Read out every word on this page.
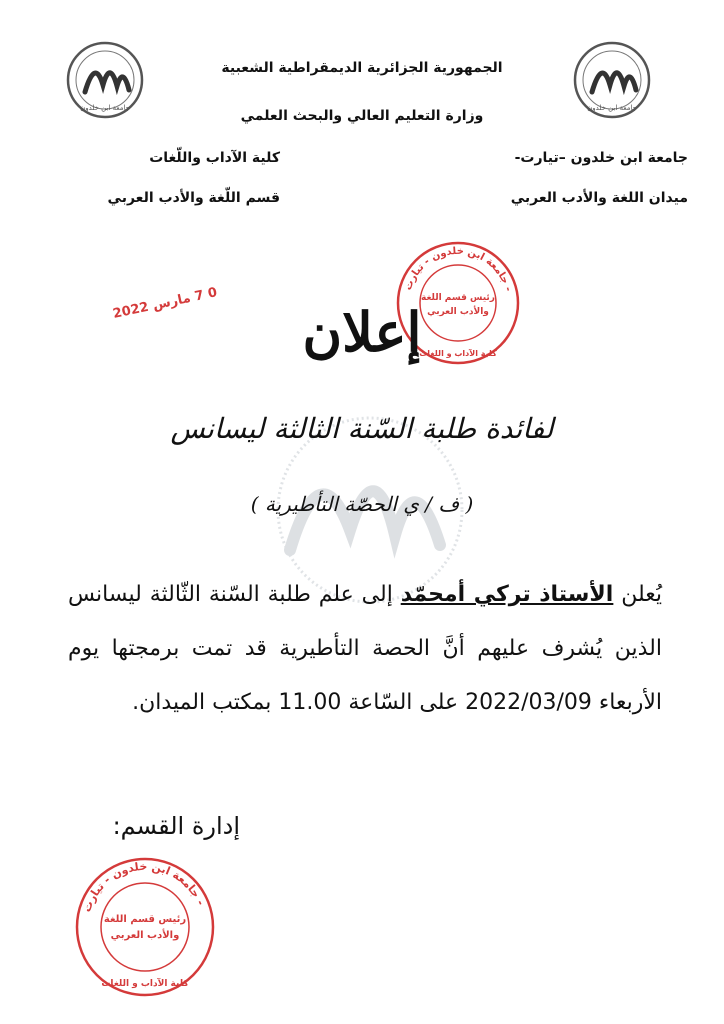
جامعة ابن خلدون	جامعة ابن خلدون
الجمهورية الجزائرية الديمقراطية الشعبية
وزارة التعليم العالي والبحث العلمي
جامعة ابن خلدون –تيارت-
ميدان اللغة والأدب العربي
كلية الآداب واللّغات
قسم اللّغة والأدب العربي
0 7 مارس 2022	جامعة ابن خلدون - تيارت -
رئيس قسم اللغة
والأدب العربي
كلية الآداب و اللغات
إعلان
لفائدة طلبة السّنة الثالثة ليسانس
( ف / ي الحصّة التأطيرية )
يُعلن الأستاذ تركي أمحمّد إلى علم طلبة السّنة الثّالثة ليسانس الذين يُشرف عليهم أنَّ الحصة التأطيرية قد تمت برمجتها يوم الأربعاء 2022/03/09 على السّاعة 11.00 بمكتب الميدان.
إدارة القسم:
جامعة ابن خلدون - تيارت -
رئيس قسم اللغة
والأدب العربي
كلية الآداب و اللغات
